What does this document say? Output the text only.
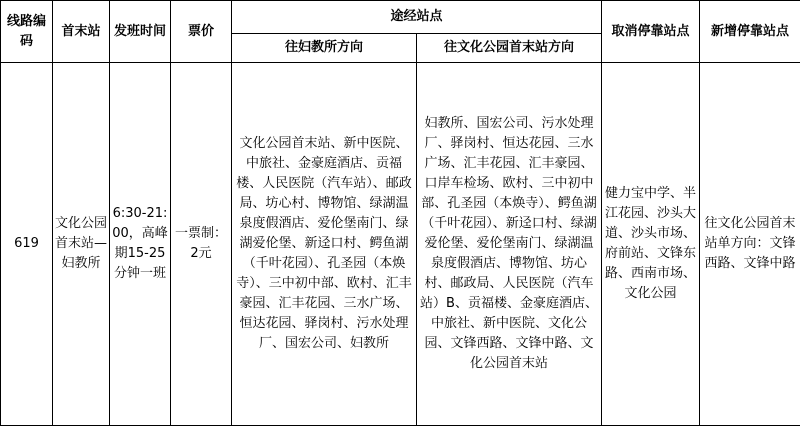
线路编码	首末站	发班时间	票价	途经站点		取消停靠站点	新增停靠站点
				往妇教所方向	往文化公园首末站方向		
619	文化公园首末站—妇教所	6:30-21:00，高峰期15-25分钟一班	一票制：2元	文化公园首末站、新中医院、中旅社、金豪庭酒店、贡福楼、人民医院（汽车站）、邮政局、坊心村、博物馆、绿湖温泉度假酒店、爱伦堡南门、绿湖爱伦堡、新迳口村、鳄鱼湖（千叶花园）、孔圣园（本焕寺）、三中初中部、欧村、汇丰豪园、汇丰花园、三水广场、恒达花园、驿岗村、污水处理厂、国宏公司、妇教所	妇教所、国宏公司、污水处理厂、驿岗村、恒达花园、三水广场、汇丰花园、汇丰豪园、口岸车检场、欧村、三中初中部、孔圣园（本焕寺）、鳄鱼湖（千叶花园）、新迳口村、绿湖爱伦堡、爱伦堡南门、绿湖温泉度假酒店、博物馆、坊心村、邮政局、人民医院（汽车站）B、贡福楼、金豪庭酒店、中旅社、新中医院、文化公园、文锋西路、文锋中路、文化公园首末站	健力宝中学、半江花园、沙头大道、沙头市场、府前站、文锋东路、西南市场、文化公园	往文化公园首末站单方向：文锋西路、文锋中路
